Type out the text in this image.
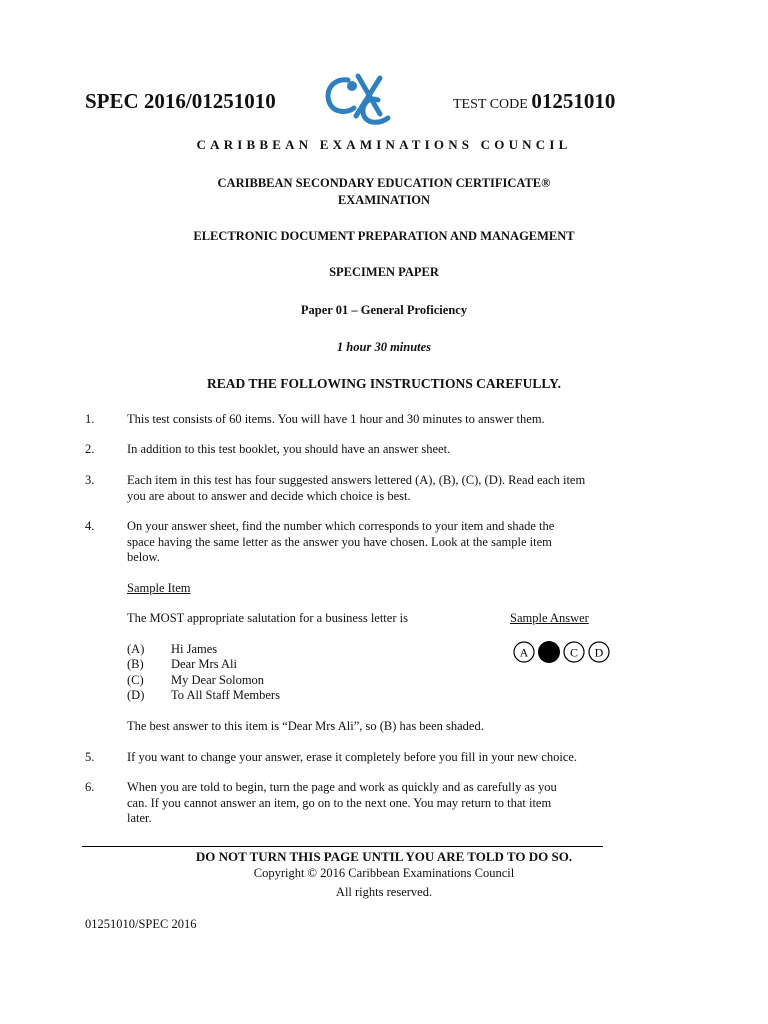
SPEC 2016/01251010	TEST CODE 01251010
CARIBBEAN EXAMINATIONS COUNCIL
CARIBBEAN SECONDARY EDUCATION CERTIFICATE®
EXAMINATION
ELECTRONIC DOCUMENT PREPARATION AND MANAGEMENT
SPECIMEN PAPER
Paper 01 – General Proficiency
1 hour 30 minutes
READ THE FOLLOWING INSTRUCTIONS CAREFULLY.
1.	This test consists of 60 items. You will have 1 hour and 30 minutes to answer them.
2.	In addition to this test booklet, you should have an answer sheet.
3.	Each item in this test has four suggested answers lettered (A), (B), (C), (D). Read each item
you are about to answer and decide which choice is best.
4.	On your answer sheet, find the number which corresponds to your item and shade the
space having the same letter as the answer you have chosen. Look at the sample item
below.
Sample Item
The MOST appropriate salutation for a business letter is	Sample Answer
A	C D
(A) Hi James
(B) Dear Mrs Ali
(C) My Dear Solomon
(D) To All Staff Members
The best answer to this item is “Dear Mrs Ali”, so (B) has been shaded.
5.	If you want to change your answer, erase it completely before you fill in your new choice.
6.	When you are told to begin, turn the page and work as quickly and as carefully as you
can. If you cannot answer an item, go on to the next one. You may return to that item
later.
DO NOT TURN THIS PAGE UNTIL YOU ARE TOLD TO DO SO.
Copyright © 2016 Caribbean Examinations Council
All rights reserved.
01251010/SPEC 2016
